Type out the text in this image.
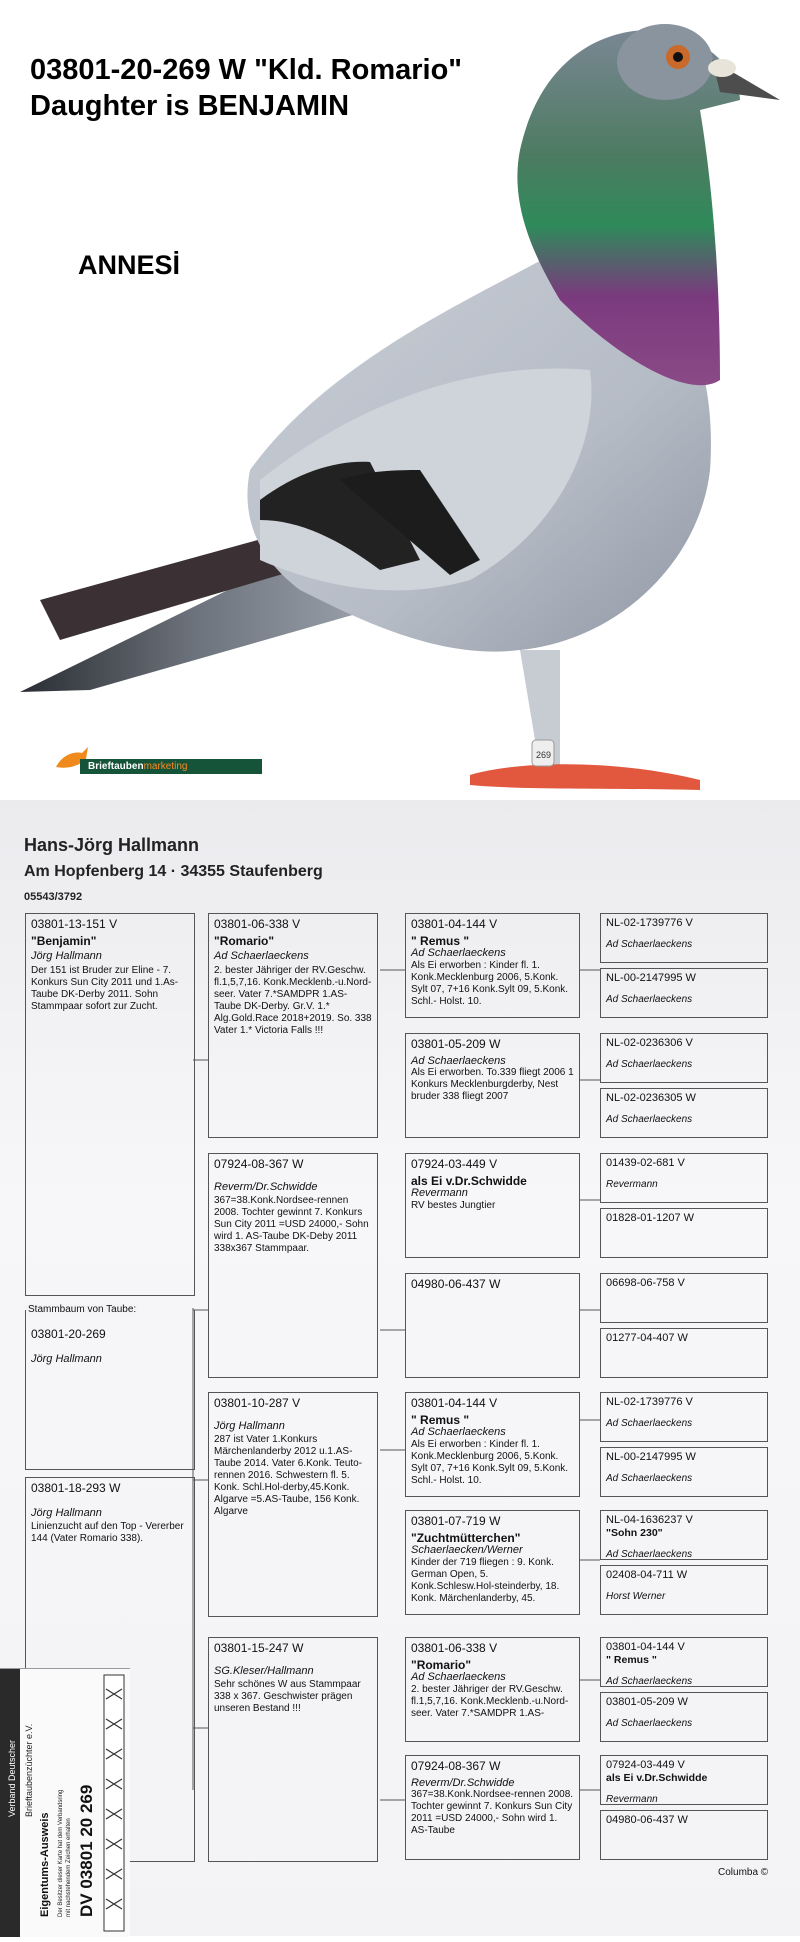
269
03801-20-269 W "Kld. Romario"
Daughter is BENJAMIN
ANNESİ
Brieftaubenmarketing
Hans-Jörg Hallmann
Am Hopfenberg 14 · 34355 Staufenberg
05543/3792
03801-13-151 V
"Benjamin"
Jörg Hallmann
Der 151 ist Bruder zur Eline - 7. Konkurs Sun City 2011 und 1.As-Taube DK-Derby 2011. Sohn Stammpaar sofort zur Zucht.
Stammbaum von Taube:
03801-20-269
Jörg Hallmann
03801-18-293 W
Jörg Hallmann
Linienzucht auf den Top - Vererber 144 (Vater Romario 338).
03801-06-338 V
"Romario"
Ad Schaerlaeckens
2. bester Jähriger der RV.Geschw. fl.1,5,7,16. Konk.Mecklenb.-u.Nord-seer. Vater 7.*SAMDPR 1.AS-Taube DK-Derby. Gr.V. 1.* Alg.Gold.Race 2018+2019. So. 338 Vater 1.* Victoria Falls !!!
07924-08-367 W
Reverm/Dr.Schwidde
367=38.Konk.Nordsee-rennen 2008. Tochter gewinnt 7. Konkurs Sun City 2011 =USD 24000,- Sohn wird 1. AS-Taube DK-Deby 2011 338x367 Stammpaar.
03801-10-287 V
Jörg Hallmann
287 ist Vater 1.Konkurs Märchenlanderby 2012 u.1.AS-Taube 2014. Vater 6.Konk. Teuto-rennen 2016. Schwestern fl. 5. Konk. Schl.Hol-derby,45.Konk. Algarve =5.AS-Taube, 156 Konk. Algarve
03801-15-247 W
SG.Kleser/Hallmann
Sehr schönes W aus Stammpaar 338 x 367. Geschwister prägen unseren Bestand !!!
03801-04-144 V
" Remus "
Ad Schaerlaeckens
Als Ei erworben : Kinder fl. 1. Konk.Mecklenburg 2006, 5.Konk. Sylt 07, 7+16 Konk.Sylt 09, 5.Konk. Schl.- Holst. 10.
03801-05-209 W
Ad Schaerlaeckens
Als Ei erworben. To.339 fliegt 2006 1 Konkurs Mecklenburgderby, Nest bruder 338 fliegt 2007
07924-03-449 V
als Ei v.Dr.Schwidde
Revermann
RV bestes Jungtier
04980-06-437 W
03801-04-144 V
" Remus "
Ad Schaerlaeckens
Als Ei erworben : Kinder fl. 1. Konk.Mecklenburg 2006, 5.Konk. Sylt 07, 7+16 Konk.Sylt 09, 5.Konk. Schl.- Holst. 10.
03801-07-719 W
"Zuchtmütterchen"
Schaerlaecken/Werner
Kinder der 719 fliegen : 9. Konk. German Open, 5. Konk.Schlesw.Hol-steinderby, 18. Konk. Märchenlanderby, 45.
03801-06-338 V
"Romario"
Ad Schaerlaeckens
2. bester Jähriger der RV.Geschw. fl.1,5,7,16. Konk.Mecklenb.-u.Nord-seer. Vater 7.*SAMDPR 1.AS-
07924-08-367 W
Reverm/Dr.Schwidde
367=38.Konk.Nordsee-rennen 2008. Tochter gewinnt 7. Konkurs Sun City 2011 =USD 24000,- Sohn wird 1. AS-Taube
NL-02-1739776 V
Ad Schaerlaeckens
NL-00-2147995 W
Ad Schaerlaeckens
NL-02-0236306 V
Ad Schaerlaeckens
NL-02-0236305 W
Ad Schaerlaeckens
01439-02-681 V
Revermann
01828-01-1207 W
06698-06-758 V
01277-04-407 W
NL-02-1739776 V
Ad Schaerlaeckens
NL-00-2147995 W
Ad Schaerlaeckens
NL-04-1636237 V
"Sohn 230"
Ad Schaerlaeckens
02408-04-711 W
Horst Werner
03801-04-144 V
" Remus "
Ad Schaerlaeckens
03801-05-209 W
Ad Schaerlaeckens
07924-03-449 V
als Ei v.Dr.Schwidde
Revermann
04980-06-437 W
Verband Deutscher Brieftaubenzüchter e.V.
Eigentums-Ausweis Der Besitzer dieser Karte hat dem Verbandsring mit nachstehendem Zeichen erhalten DV 03801 20 269	Columba ©
